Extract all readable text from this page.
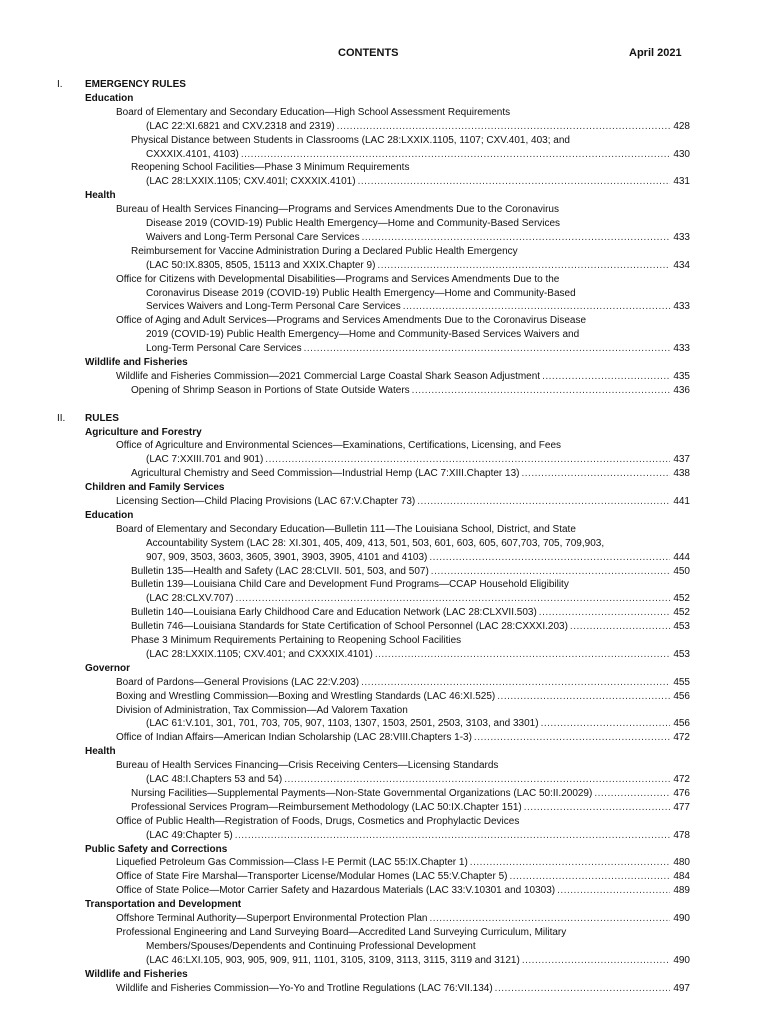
CONTENTS	April 2021
I. EMERGENCY RULES
Education
Board of Elementary and Secondary Education—High School Assessment Requirements
(LAC 22:XI.6821 and CXV.2318 and 2319) .....	428
Physical Distance between Students in Classrooms (LAC 28:LXXIX.1105, 1107; CXV.401, 403; and
CXXXIX.4101, 4103) .....	430
Reopening School Facilities—Phase 3 Minimum Requirements
(LAC 28:LXXIX.1105; CXV.401l; CXXXIX.4101) .....	431
Health
Bureau of Health Services Financing—Programs and Services Amendments Due to the Coronavirus
Disease 2019 (COVID-19) Public Health Emergency—Home and Community-Based Services
Waivers and Long-Term Personal Care Services .....	433
Reimbursement for Vaccine Administration During a Declared Public Health Emergency
(LAC 50:IX.8305, 8505, 15113 and XXIX.Chapter 9) .....	434
Office for Citizens with Developmental Disabilities—Programs and Services Amendments Due to the
Coronavirus Disease 2019 (COVID-19) Public Health Emergency—Home and Community-Based
Services Waivers and Long-Term Personal Care Services .....	433
Office of Aging and Adult Services—Programs and Services Amendments Due to the Coronavirus Disease
2019 (COVID-19) Public Health Emergency—Home and Community-Based Services Waivers and
Long-Term Personal Care Services .....	433
Wildlife and Fisheries
Wildlife and Fisheries Commission—2021 Commercial Large Coastal Shark Season Adjustment .....	435
Opening of Shrimp Season in Portions of State Outside Waters .....	436
II. RULES
Agriculture and Forestry
Office of Agriculture and Environmental Sciences—Examinations, Certifications, Licensing, and Fees
(LAC 7:XXIII.701 and 901) .....	437
Agricultural Chemistry and Seed Commission—Industrial Hemp (LAC 7:XIII.Chapter 13) .....	438
Children and Family Services
Licensing Section—Child Placing Provisions (LAC 67:V.Chapter 73) .....	441
Education
Board of Elementary and Secondary Education—Bulletin 111—The Louisiana School, District, and State
Accountability System (LAC 28: XI.301, 405, 409, 413, 501, 503, 601, 603, 605, 607,703, 705, 709,903,
907, 909, 3503, 3603, 3605, 3901, 3903, 3905, 4101 and 4103) .....	444
Bulletin 135—Health and Safety (LAC 28:CLVII. 501, 503, and 507) .....	450
Bulletin 139—Louisiana Child Care and Development Fund Programs—CCAP Household Eligibility
(LAC 28:CLXV.707) .....	452
Bulletin 140—Louisiana Early Childhood Care and Education Network (LAC 28:CLXVII.503) .....	452
Bulletin 746—Louisiana Standards for State Certification of School Personnel (LAC 28:CXXXI.203) .....	453
Phase 3 Minimum Requirements Pertaining to Reopening School Facilities
(LAC 28:LXXIX.1105; CXV.401; and CXXXIX.4101) .....	453
Governor
Board of Pardons—General Provisions (LAC 22:V.203) .....	455
Boxing and Wrestling Commission—Boxing and Wrestling Standards (LAC 46:XI.525) .....	456
Division of Administration, Tax Commission—Ad Valorem Taxation
(LAC 61:V.101, 301, 701, 703, 705, 907, 1103, 1307, 1503, 2501, 2503, 3103, and 3301) .....	456
Office of Indian Affairs—American Indian Scholarship (LAC 28:VIII.Chapters 1-3) .....	472
Health
Bureau of Health Services Financing—Crisis Receiving Centers—Licensing Standards
(LAC 48:I.Chapters 53 and 54) .....	472
Nursing Facilities—Supplemental Payments—Non-State Governmental Organizations (LAC 50:II.20029) .....	476
Professional Services Program—Reimbursement Methodology (LAC 50:IX.Chapter 151) .....	477
Office of Public Health—Registration of Foods, Drugs, Cosmetics and Prophylactic Devices
(LAC 49:Chapter 5) .....	478
Public Safety and Corrections
Liquefied Petroleum Gas Commission—Class I-E Permit (LAC 55:IX.Chapter 1) .....	480
Office of State Fire Marshal—Transporter License/Modular Homes (LAC 55:V.Chapter 5) .....	484
Office of State Police—Motor Carrier Safety and Hazardous Materials (LAC 33:V.10301 and 10303) .....	489
Transportation and Development
Offshore Terminal Authority—Superport Environmental Protection Plan .....	490
Professional Engineering and Land Surveying Board—Accredited Land Surveying Curriculum, Military
Members/Spouses/Dependents and Continuing Professional Development
(LAC 46:LXI.105, 903, 905, 909, 911, 1101, 3105, 3109, 3113, 3115, 3119 and 3121) .....	490
Wildlife and Fisheries
Wildlife and Fisheries Commission—Yo-Yo and Trotline Regulations (LAC 76:VII.134) .....	497
